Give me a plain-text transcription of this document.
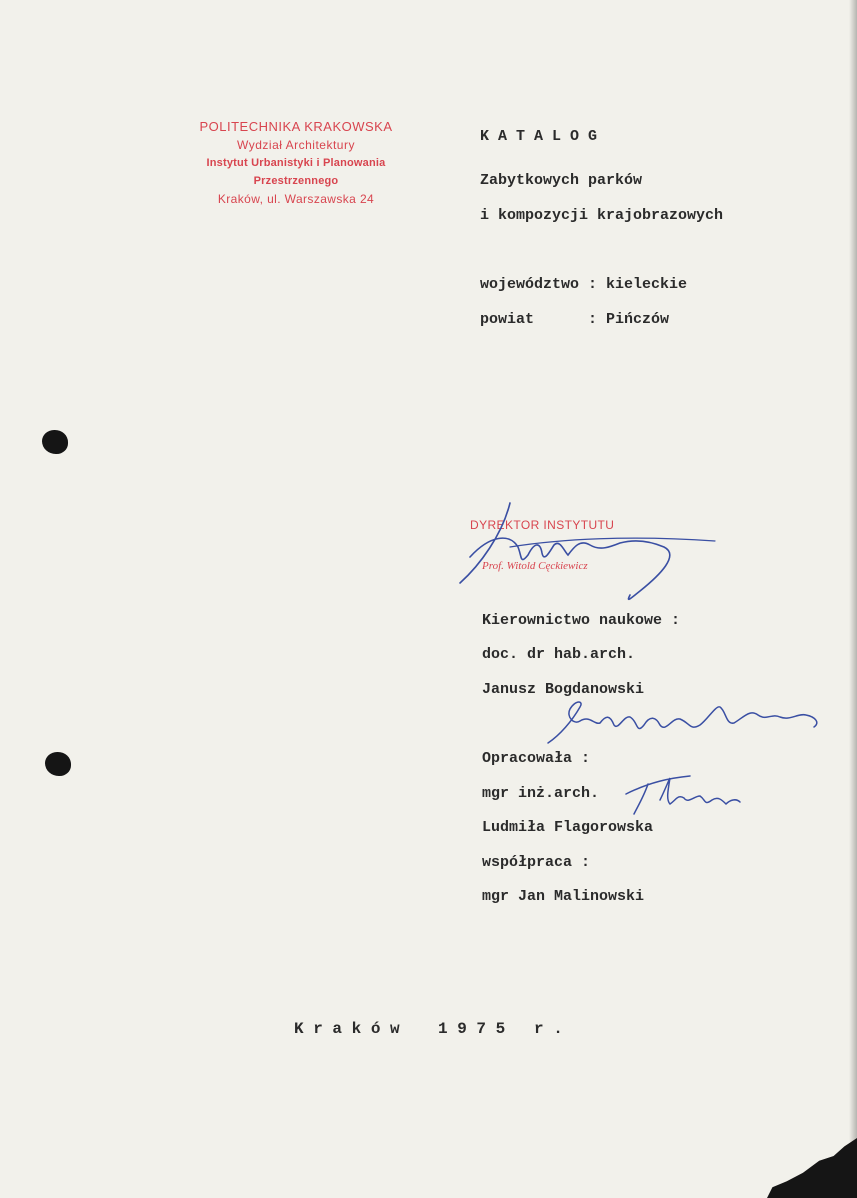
POLITECHNIKA KRAKOWSKA
Wydział Architektury
Instytut Urbanistyki i Planowania Przestrzennego
Kraków, ul. Warszawska 24

K A T A L O G

Zabytkowych parków

i kompozycji krajobrazowych

województwo : kieleckie

powiat      : Pińczów

DYREKTOR INSTYTUTU
Prof. Witold Cęckiewicz

Kierownictwo naukowe :

doc. dr hab.arch.

Janusz Bogdanowski

Opracowała :

mgr inż.arch.

Ludmiła Flagorowska

współpraca :

mgr Jan Malinowski

K r a k ó w    1 9 7 5   r .
